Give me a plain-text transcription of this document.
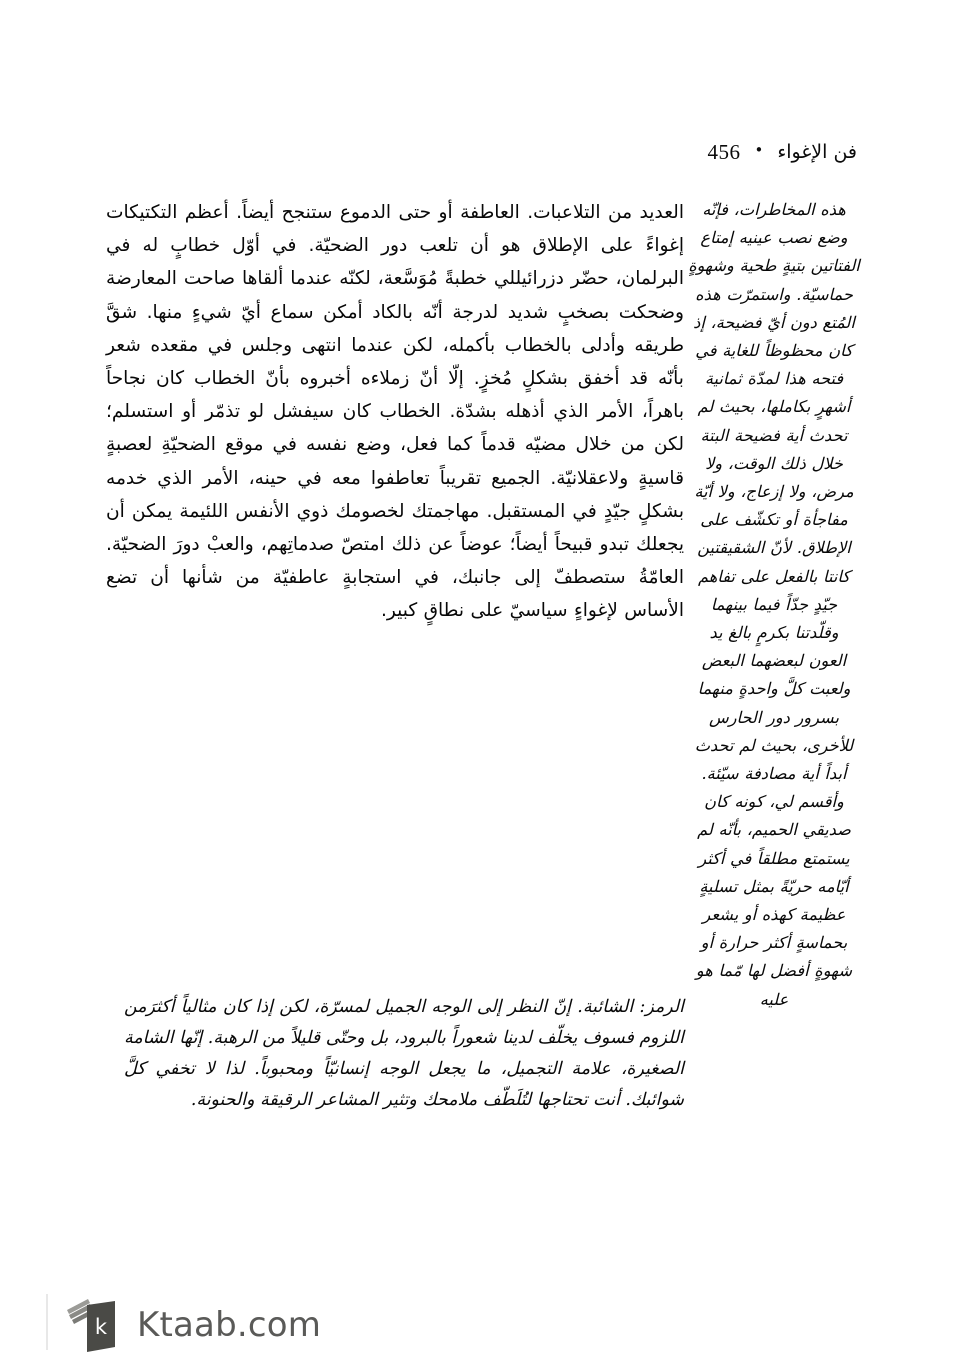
فن الإغواء
•
456

العديد من التلاعبات. العاطفة أو حتى الدموع ستنجح أيضاً. أعظم التكتيكات إغواءً على الإطلاق هو أن تلعب دور الضحيّة. في أوّل خطابٍ له في البرلمان، حضّر دزرائيللي خطبةً مُوَسَّعة، لكنّه عندما ألقاها صاحت المعارضة وضحكت بصخبٍ شديد لدرجة أنّه بالكاد أمكن سماع أيّ شيءٍ منها. شقَّ طريقه وأدلى بالخطاب بأكمله، لكن عندما انتهى وجلس في مقعده شعر بأنّه قد أخفق بشكلٍ مُخزٍ. إلّا أنّ زملاءه أخبروه بأنّ الخطاب كان نجاحاً باهراً، الأمر الذي أذهله بشدّة. الخطاب كان سيفشل لو تذمّر أو استسلم؛ لكن من خلال مضيّه قدماً كما فعل، وضع نفسه في موقع الضحيّةِ لعصبةٍ قاسيةٍ ولاعقلانيّة. الجميع تقريباً تعاطفوا معه في حينه، الأمر الذي خدمه بشكلٍ جيّدٍ في المستقبل. مهاجمتك لخصومك ذوي الأنفس اللئيمة يمكن أن يجعلك تبدو قبيحاً أيضاً؛ عوضاً عن ذلك امتصّ صدماتِهم، والعبْ دورَ الضحيّة. العامّةُ ستصطفّ إلى جانبك، في استجابةٍ عاطفيّة من شأنها أن تضع الأساس لإغواءٍ سياسيّ على نطاقٍ كبير.

الرمز: الشائبة. إنّ النظر إلى الوجه الجميل لمسرّة، لكن إذا كان مثالياً أكثرَمن اللزوم فسوف يخلّف لدينا شعوراً بالبرود، بل وحتّى قليلاً من الرهبة. إنّها الشامة الصغيرة، علامة التجميل، ما يجعل الوجه إنسانيّاً ومحبوباً. لذا لا تخفي كلَّ شوائبك. أنت تحتاجها لتُلَطّف ملامحك وتثير المشاعر الرقيقة والحنونة.

هذه المخاطرات، فإنّه وضع نصب عينيه إمتاع الفتاتين بتيةٍ طحية وشهوةٍ حماسيّة. واستمرّت هذه المُتع دون أيّ فضيحة، إذ كان محظوظاً للغاية في فتحه هذا لمدّة ثمانية أشهرٍ بكاملها، بحيث لم تحدث أية فضيحة البتة خلال ذلك الوقت، ولا مرض، ولا إزعاج، ولا أيّة مفاجأة أو تكشّف على الإطلاق. لأنّ الشقيقتين كانتا بالفعل على تفاهم جيّدٍ جدّاً فيما بينهما وقلّدتنا بكرمٍ بالغ يد العون لبعضهما البعض ولعبت كلَّ واحدةٍ منهما بسرور دور الحارس للأخرى، بحيث لم تحدث أبداً أية مصادفة سيّئة. وأقسم لي، كونه كان صديقي الحميم، بأنّه لم يستمتع مطلقاً في أكثر أيّامه حريّةً بمثل تسليةٍ عظيمة كهذه أو يشعر بحماسةٍ أكثر حرارة أو شهوةٍ أفضل لها مّما هو عليه

k Ktaab.com
